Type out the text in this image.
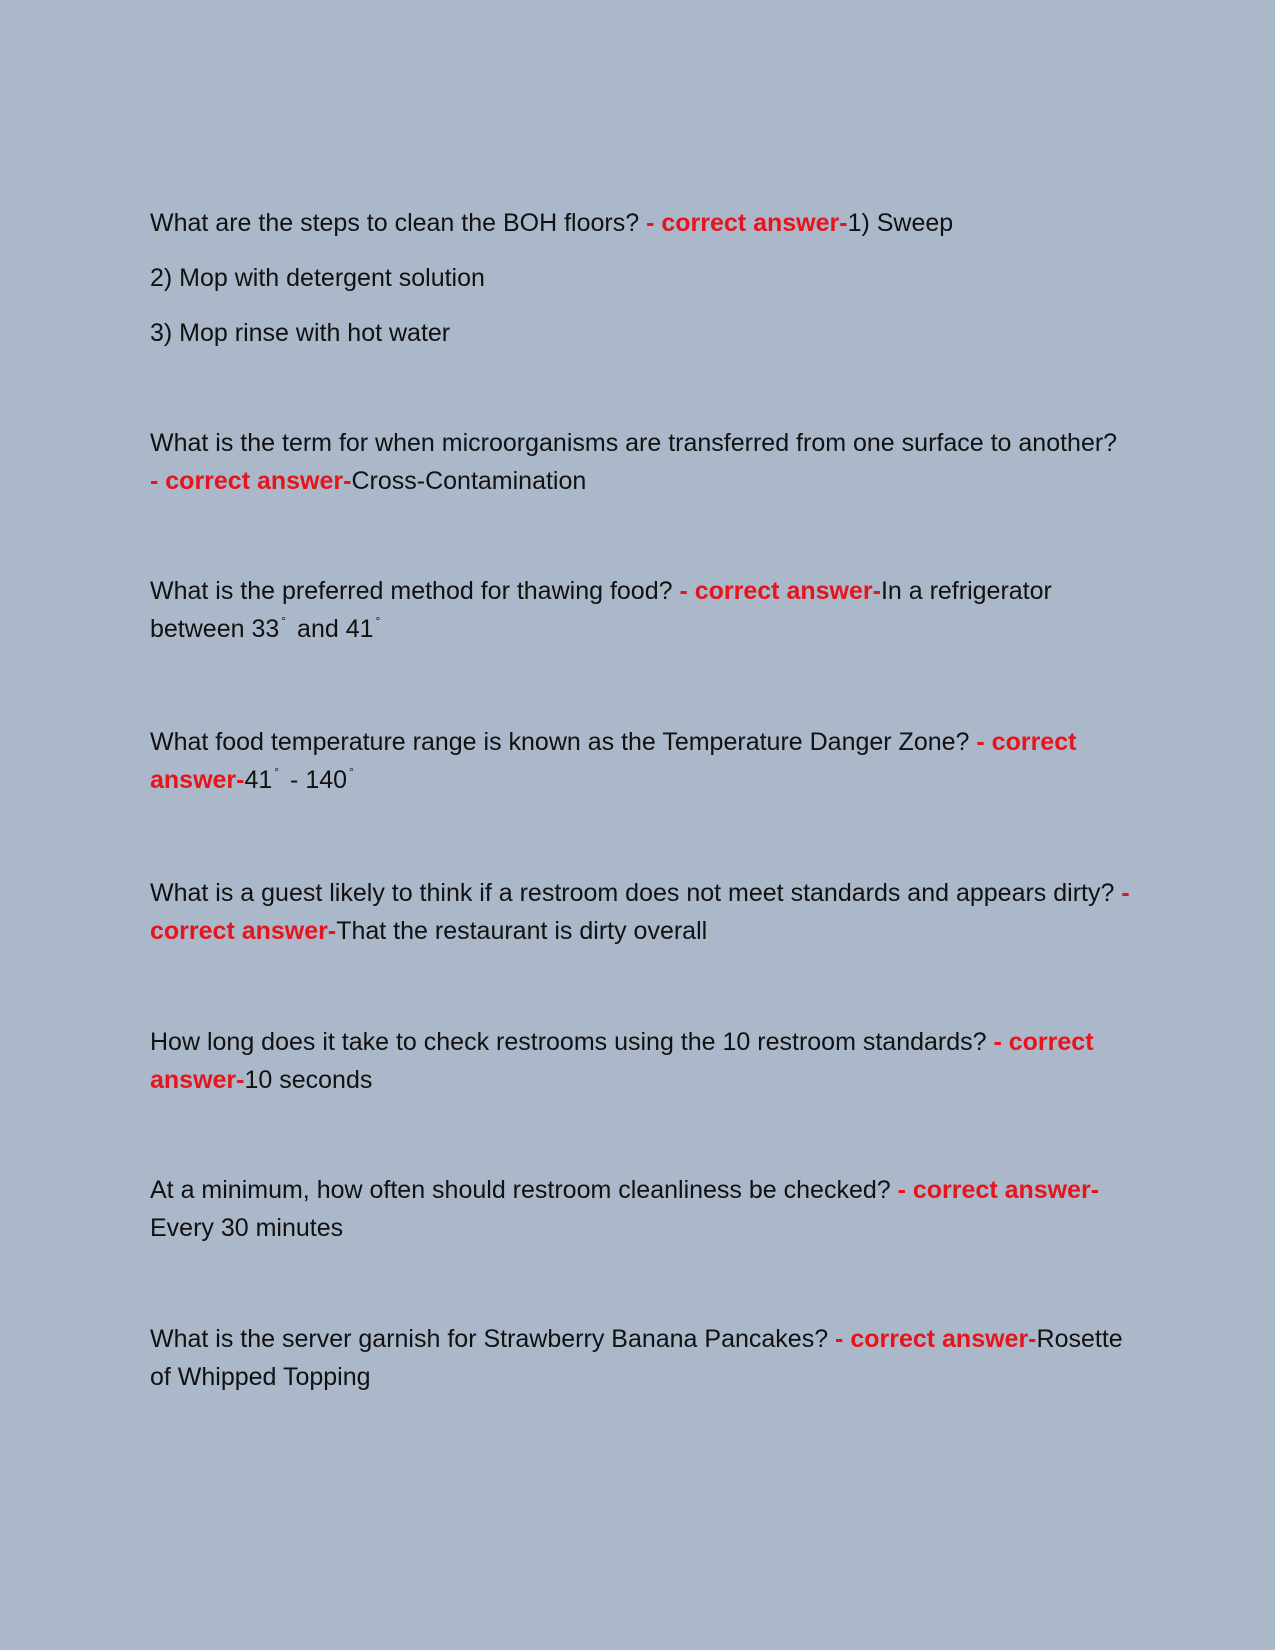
What are the steps to clean the BOH floors? - correct answer-1) Sweep
2) Mop with detergent solution
3) Mop rinse with hot water
What is the term for when microorganisms are transferred from one surface to another? - correct answer-Cross-Contamination
What is the preferred method for thawing food? - correct answer-In a refrigerator between 33 ° and 41 °
What food temperature range is known as the Temperature Danger Zone? - correct answer-41 ° - 140 °
What is a guest likely to think if a restroom does not meet standards and appears dirty? - correct answer-That the restaurant is dirty overall
How long does it take to check restrooms using the 10 restroom standards? - correct answer-10 seconds
At a minimum, how often should restroom cleanliness be checked? - correct answer-Every 30 minutes
What is the server garnish for Strawberry Banana Pancakes? - correct answer-Rosette of Whipped Topping
